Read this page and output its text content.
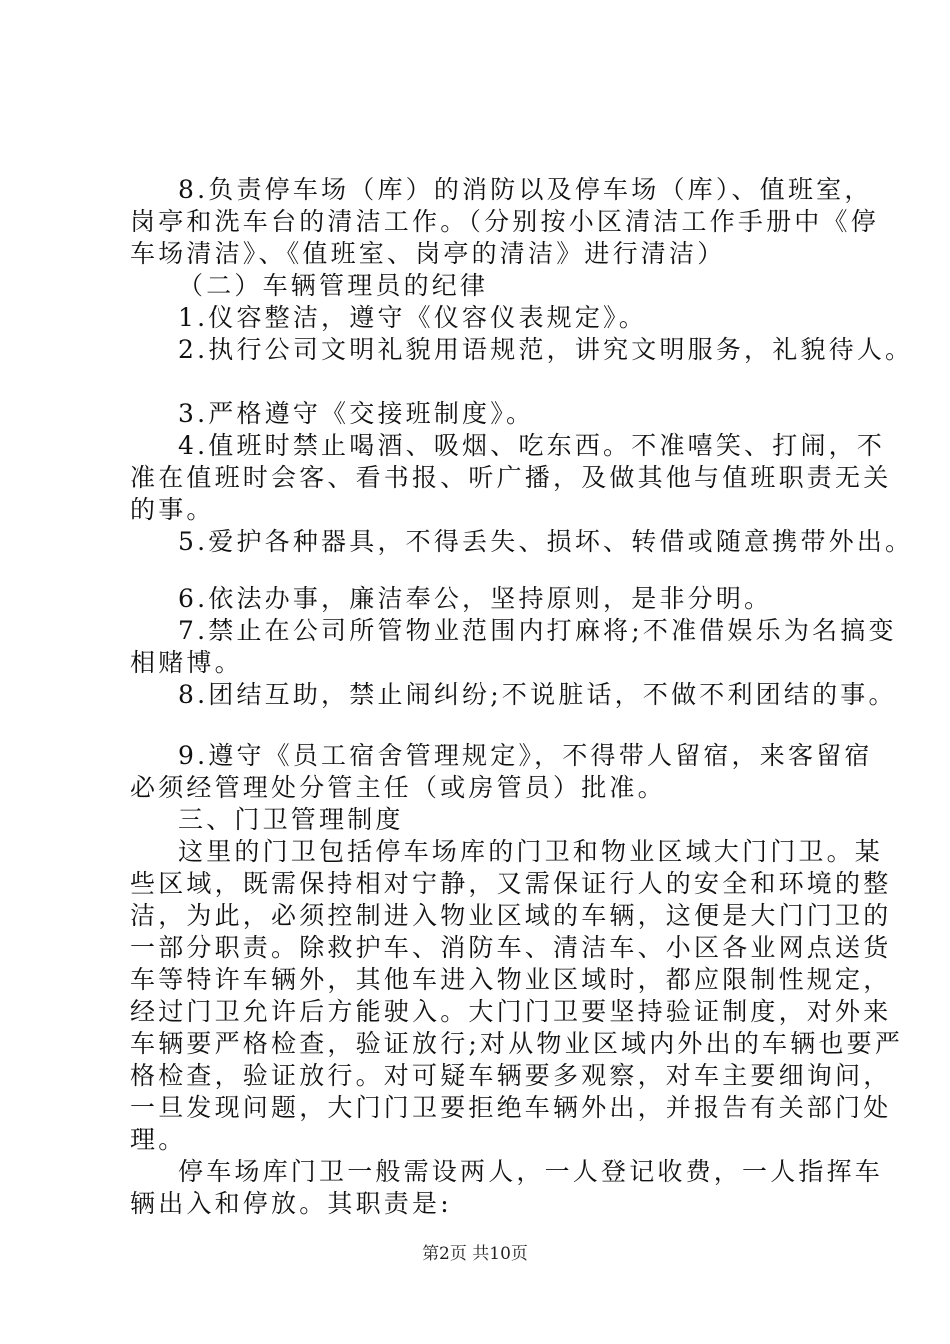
8.负责停车场（库）的消防以及停车场（库）、值班室，
岗亭和洗车台的清洁工作。（分别按小区清洁工作手册中《停
车场清洁》、《值班室、岗亭的清洁》进行清洁）
（二）车辆管理员的纪律
1.仪容整洁，遵守《仪容仪表规定》。
2.执行公司文明礼貌用语规范，讲究文明服务，礼貌待人。
3.严格遵守《交接班制度》。
4.值班时禁止喝酒、吸烟、吃东西。不准嘻笑、打闹，不
准在值班时会客、看书报、听广播，及做其他与值班职责无关
的事。
5.爱护各种器具，不得丢失、损坏、转借或随意携带外出。
6.依法办事，廉洁奉公，坚持原则，是非分明。
7.禁止在公司所管物业范围内打麻将;不准借娱乐为名搞变
相赌博。
8.团结互助，禁止闹纠纷;不说脏话，不做不利团结的事。
9.遵守《员工宿舍管理规定》，不得带人留宿，来客留宿
必须经管理处分管主任（或房管员）批准。
三、门卫管理制度
这里的门卫包括停车场库的门卫和物业区域大门门卫。某
些区域，既需保持相对宁静，又需保证行人的安全和环境的整
洁，为此，必须控制进入物业区域的车辆，这便是大门门卫的
一部分职责。除救护车、消防车、清洁车、小区各业网点送货
车等特许车辆外，其他车进入物业区域时，都应限制性规定，
经过门卫允许后方能驶入。大门门卫要坚持验证制度，对外来
车辆要严格检查，验证放行;对从物业区域内外出的车辆也要严
格检查，验证放行。对可疑车辆要多观察，对车主要细询问，
一旦发现问题，大门门卫要拒绝车辆外出，并报告有关部门处
理。
停车场库门卫一般需设两人，一人登记收费，一人指挥车
辆出入和停放。其职责是:
第2页 共10页
